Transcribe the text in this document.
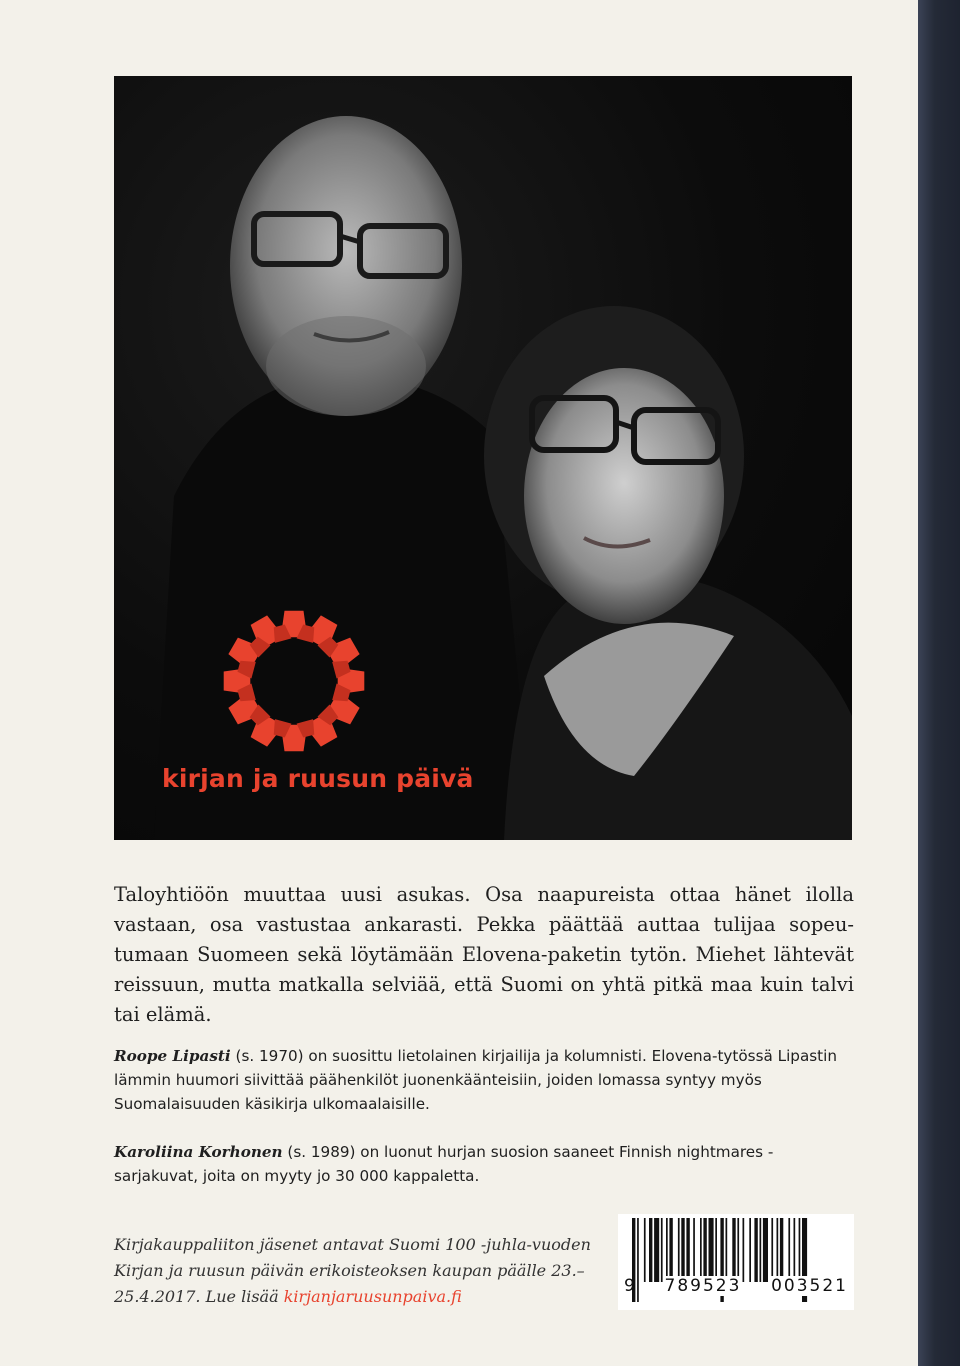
kirjan ja ruusun päivä

Taloyhtiöön muuttaa uusi asukas. Osa naapureista ottaa hänet ilolla vastaan, osa vastustaa ankarasti. Pekka päättää auttaa tulijaa sopeutumaan Suomeen sekä löytämään Elovena-paketin tytön. Miehet lähtevät reissuun, mutta matkalla selviää, että Suomi on yhtä pitkä maa kuin talvi tai elämä.

Roope Lipasti (s. 1970) on suosittu lietolainen kirjailija ja kolumnisti. Elovena-tytössä Lipastin lämmin huumori siivittää päähenkilöt juonenkäänteisiin, joiden lomassa syntyy myös Suomalaisuuden käsikirja ulkomaalaisille.

Karoliina Korhonen (s. 1989) on luonut hurjan suosion saaneet Finnish nightmares -sarjakuvat, joita on myyty jo 30 000 kappaletta.

Kirjakauppaliiton jäsenet antavat Suomi 100 -juhla-vuoden Kirjan ja ruusun päivän erikoisteoksen kaupan päälle 23.–25.4.2017. Lue lisää kirjanjaruusunpaiva.fi

9 789523 003521
